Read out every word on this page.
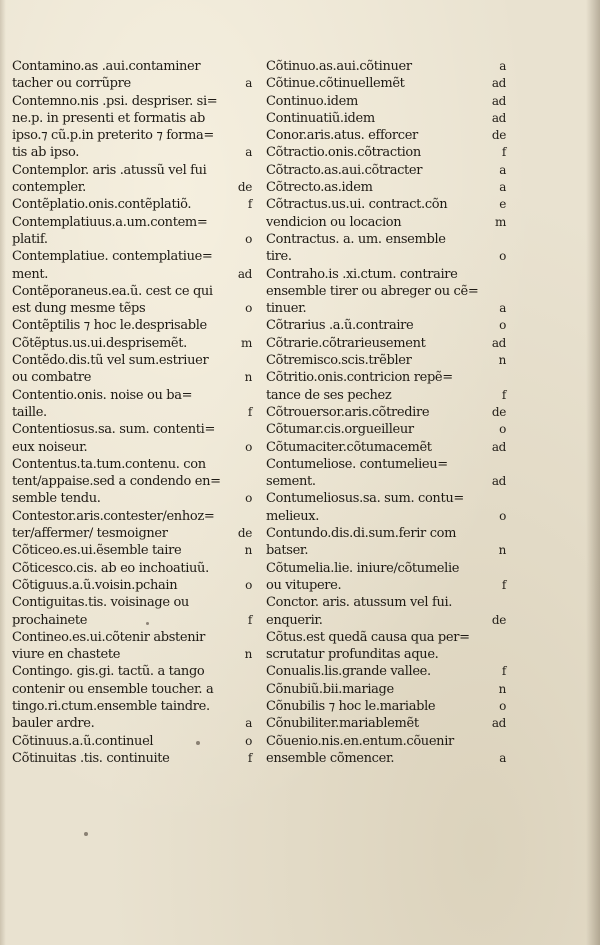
Contamino.as .aui.contaminer
tacher ou corrũpre	a
Contemno.nis .psi. despriser. si=
ne.p. in presenti et formatis ab
ipso.⁊ cũ.p.in preterito ⁊ forma=
tis ab ipso.	a
Contemplor. aris .atussũ vel fui
contempler.	de
Contẽplatio.onis.contẽplatiõ.	f
Contemplatiuus.a.um.contem=
platif.	o
Contemplatiue. contemplatiue=
ment.	ad
Contẽporaneus.ea.ũ. cest ce qui
est dung mesme tẽps	o
Contẽptilis ⁊ hoc le.desprisable
Cõtẽptus.us.ui.desprisemẽt.	m
Contẽdo.dis.tũ vel sum.estriuer
ou combatre	n
Contentio.onis. noise ou ba=
taille.	f
Contentiosus.sa. sum. contenti=
eux noiseur.	o
Contentus.ta.tum.contenu. con
tent/appaise.sed a condendo en=
semble tendu.	o
Contestor.aris.contester/enhoz=
ter/affermer/ tesmoigner	de
Cõticeo.es.ui.ẽsemble taire	n
Cõticesco.cis. ab eo inchoatiuũ.
Cõtiguus.a.ũ.voisin.pchain	o
Contiguitas.tis. voisinage ou
prochainete	f
Contineo.es.ui.cõtenir abstenir
viure en chastete	n
Contingo. gis.gi. tactũ. a tango
contenir ou ensemble toucher. a
tingo.ri.ctum.ensemble taindre.
bauler ardre.	a
Cõtinuus.a.ũ.continuel	o
Cõtinuitas .tis. continuite	f
Cõtinuo.as.aui.cõtinuer	a
Cõtinue.cõtinuellemẽt	ad
Continuo.idem	ad
Continuatiũ.idem	ad
Conor.aris.atus. efforcer	de
Cõtractio.onis.cõtraction	f
Cõtracto.as.aui.cõtracter	a
Cõtrecto.as.idem	a
Cõtractus.us.ui. contract.cõn	e
vendicion ou locacion	m
Contractus. a. um. ensemble
tire.	o
Contraho.is .xi.ctum. contraire
ensemble tirer ou abreger ou cẽ=
tinuer.	a
Cõtrarius .a.ũ.contraire	o
Cõtrarie.cõtrarieusement	ad
Cõtremisco.scis.trẽbler	n
Cõtritio.onis.contricion repẽ=
tance de ses pechez	f
Cõtrouersor.aris.cõtredire	de
Cõtumar.cis.orgueilleur	o
Cõtumaciter.cõtumacemẽt	ad
Contumeliose. contumelieu=
sement.	ad
Contumeliosus.sa. sum. contu=
melieux.	o
Contundo.dis.di.sum.ferir com
batser.	n
Cõtumelia.lie. iniure/cõtumelie
ou vitupere.	f
Conctor. aris. atussum vel fui.
enquerir.	de
Cõtus.est quedã causa qua per=
scrutatur profunditas aque.
Conualis.lis.grande vallee.	f
Cõnubiũ.bii.mariage	n
Cõnubilis ⁊ hoc le.mariable	o
Cõnubiliter.mariablemẽt	ad
Cõuenio.nis.en.entum.cõuenir
ensemble cõmencer.	a
